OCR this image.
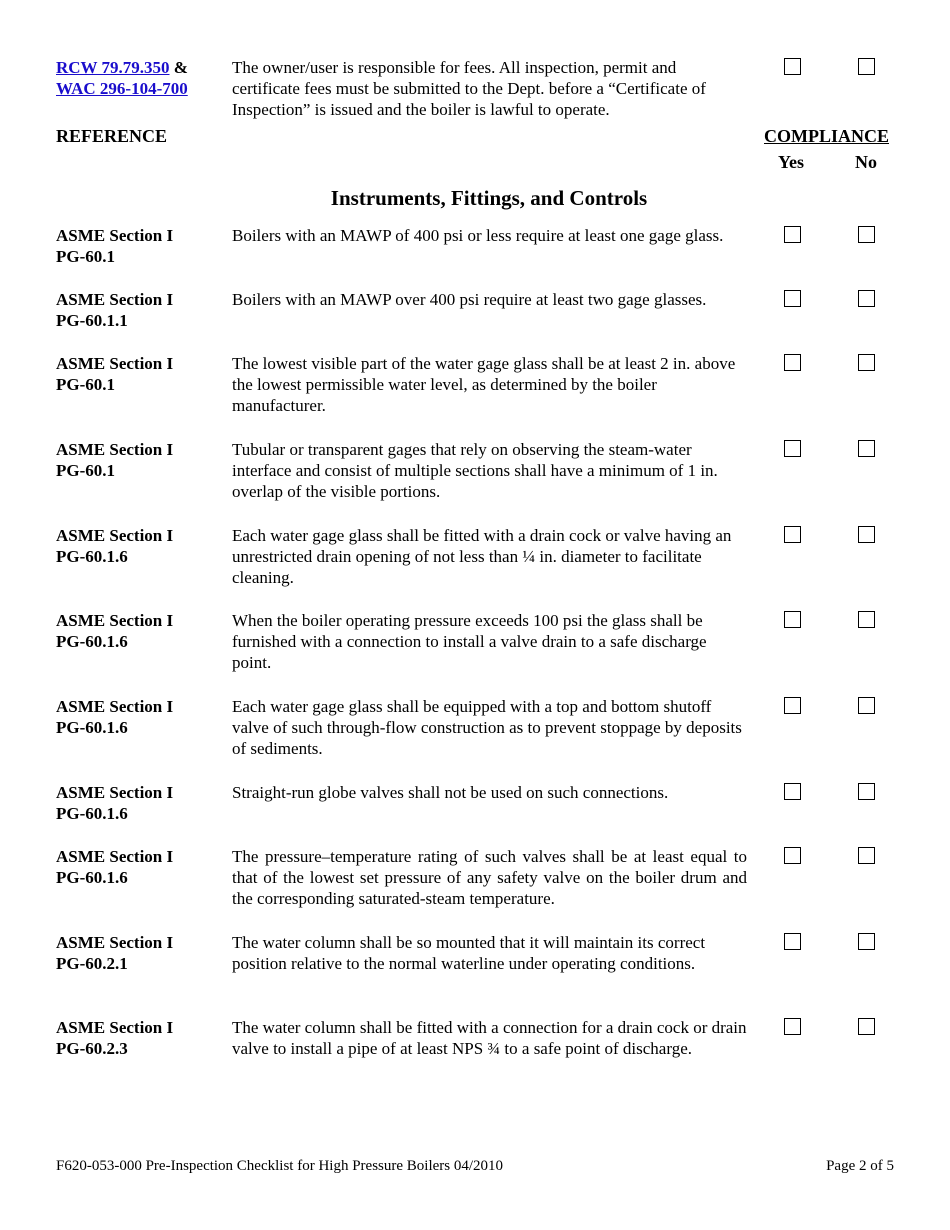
RCW 79.79.350 &
WAC 296-104-700
The owner/user is responsible for fees. All inspection, permit and certificate fees must be submitted to the Dept. before a “Certificate of Inspection” is issued and the boiler is lawful to operate.
REFERENCE	COMPLIANCE
Yes	No
Instruments, Fittings, and Controls
ASME Section I
PG-60.1
Boilers with an MAWP of 400 psi or less require at least one gage glass.
ASME Section I
PG-60.1.1
Boilers with an MAWP over 400 psi require at least two gage glasses.
ASME Section I
PG-60.1
The lowest visible part of the water gage glass shall be at least 2 in. above the lowest permissible water level, as determined by the boiler manufacturer.
ASME Section I
PG-60.1
Tubular or transparent gages that rely on observing the steam-water interface and consist of multiple sections shall have a minimum of 1 in. overlap of the visible portions.
ASME Section I
PG-60.1.6
Each water gage glass shall be fitted with a drain cock or valve having an unrestricted drain opening of not less than ¼ in. diameter to facilitate cleaning.
ASME Section I
PG-60.1.6
When the boiler operating pressure exceeds 100 psi the glass shall be furnished with a connection to install a valve drain to a safe discharge point.
ASME Section I
PG-60.1.6
Each water gage glass shall be equipped with a top and bottom shutoff valve of such through-flow construction as to prevent stoppage by deposits of sediments.
ASME Section I
PG-60.1.6
Straight-run globe valves shall not be used on such connections.
ASME Section I
PG-60.1.6
The pressure–temperature rating of such valves shall be at least equal to that of the lowest set pressure of any safety valve on the boiler drum and the corresponding saturated-steam temperature.
ASME Section I
PG-60.2.1
The water column shall be so mounted that it will maintain its correct position relative to the normal waterline under operating conditions.
ASME Section I
PG-60.2.3
The water column shall be fitted with a connection for a drain cock or drain valve to install a pipe of at least NPS ¾ to a safe point of discharge.
F620-053-000 Pre-Inspection Checklist for High Pressure Boilers 04/2010	Page 2 of 5
